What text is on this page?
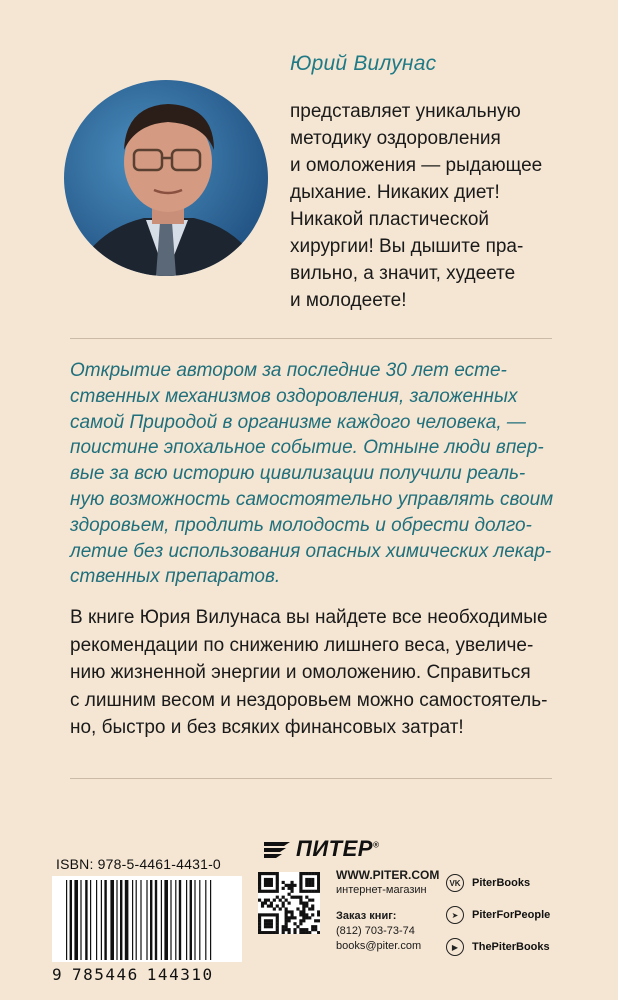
Юрий Вилунас
представляет уникальную
методику оздоровления
и омоложения — рыдающее
дыхание. Никаких диет!
Никакой пластической
хирургии! Вы дышите пра-
вильно, а значит, худеете
и молодеете!
Открытие автором за последние 30 лет есте-
ственных механизмов оздоровления, заложенных
самой Природой в организме каждого человека, —
поистине эпохальное событие. Отныне люди впер-
вые за всю историю цивилизации получили реаль-
ную возможность самостоятельно управлять своим
здоровьем, продлить молодость и обрести долго-
летие без использования опасных химических лекар-
ственных препаратов.
В книге Юрия Вилунаса вы найдете все необходимые
рекомендации по снижению лишнего веса, увеличе-
нию жизненной энергии и омоложению. Справиться
с лишним весом и нездоровьем можно самостоятель-
но, быстро и без всяких финансовых затрат!
ISBN: 978-5-4461-4431-0
9 785446 144310
ПИТЕР®
WWW.PITER.COM
интернет-магазин
Заказ книг:
(812) 703-73-74
books@piter.com
VK	PiterBooks
➤	PiterForPeople
▶	ThePiterBooks
